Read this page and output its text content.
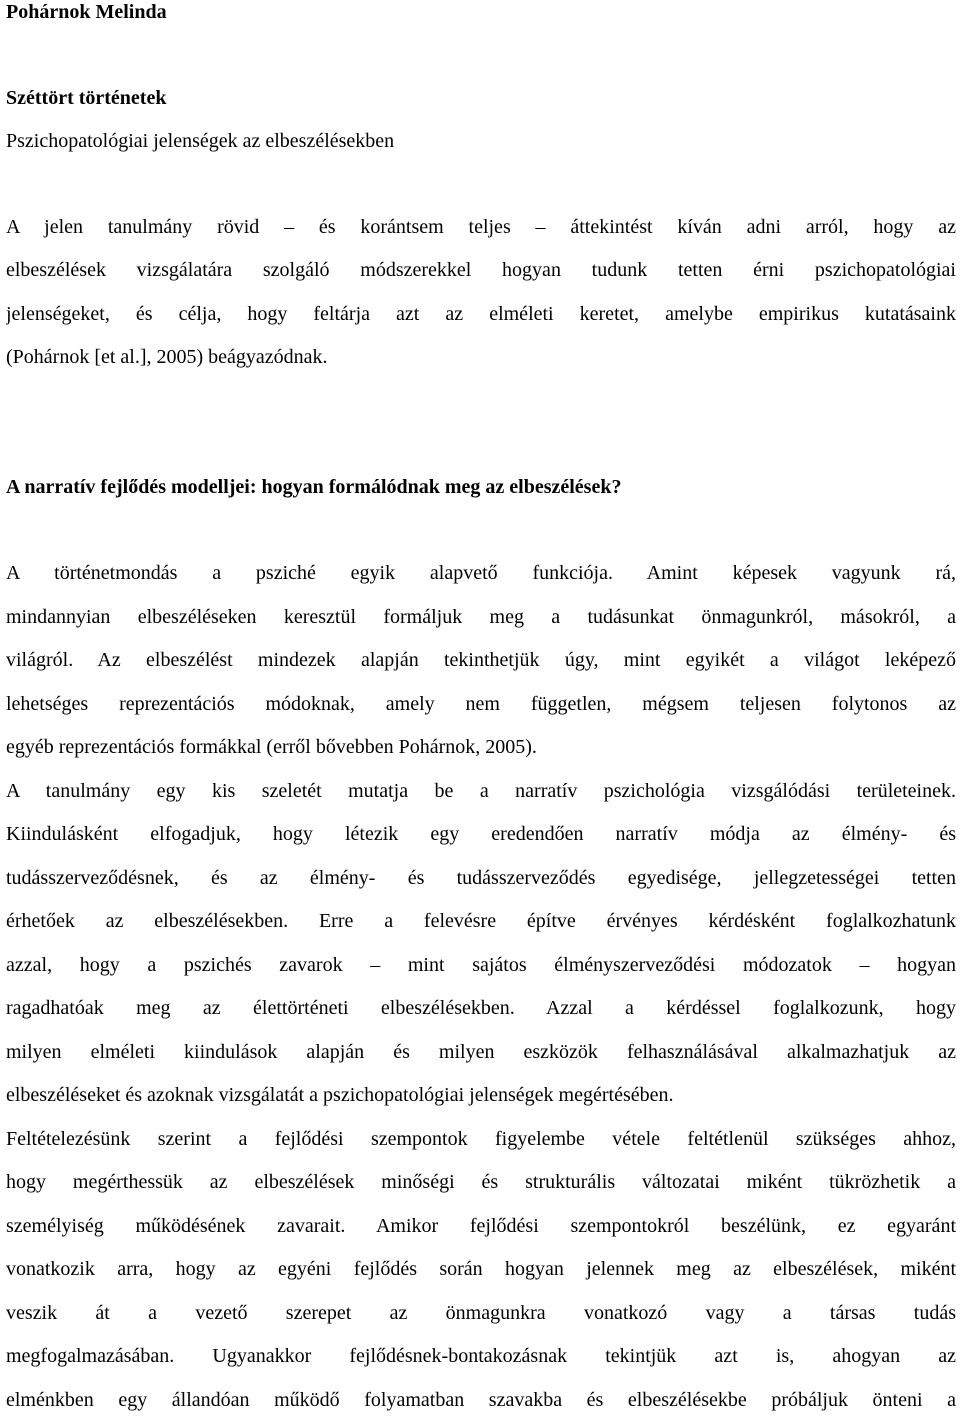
Pohárnok Melinda
Széttört történetek
Pszichopatológiai jelenségek az elbeszélésekben
A jelen tanulmány rövid – és korántsem teljes – áttekintést kíván adni arról, hogy az
elbeszélések vizsgálatára szolgáló módszerekkel hogyan tudunk tetten érni pszichopatológiai
jelenségeket, és célja, hogy feltárja azt az elméleti keretet, amelybe empirikus kutatásaink
(Pohárnok [et al.], 2005) beágyazódnak.
A narratív fejlődés modelljei: hogyan formálódnak meg az elbeszélések?
A történetmondás a psziché egyik alapvető funkciója. Amint képesek vagyunk rá,
mindannyian elbeszéléseken keresztül formáljuk meg a tudásunkat önmagunkról, másokról, a
világról. Az elbeszélést mindezek alapján tekinthetjük úgy, mint egyikét a világot leképező
lehetséges reprezentációs módoknak, amely nem független, mégsem teljesen folytonos az
egyéb reprezentációs formákkal (erről bővebben Pohárnok, 2005).
A tanulmány egy kis szeletét mutatja be a narratív pszichológia vizsgálódási területeinek.
Kiindulásként elfogadjuk, hogy létezik egy eredendően narratív módja az élmény- és
tudásszerveződésnek, és az élmény- és tudásszerveződés egyedisége, jellegzetességei tetten
érhetőek az elbeszélésekben. Erre a felevésre építve érvényes kérdésként foglalkozhatunk
azzal, hogy a pszichés zavarok – mint sajátos élményszerveződési módozatok – hogyan
ragadhatóak meg az élettörténeti elbeszélésekben. Azzal a kérdéssel foglalkozunk, hogy
milyen elméleti kiindulások alapján és milyen eszközök felhasználásával alkalmazhatjuk az
elbeszéléseket és azoknak vizsgálatát a pszichopatológiai jelenségek megértésében.
Feltételezésünk szerint a fejlődési szempontok figyelembe vétele feltétlenül szükséges ahhoz,
hogy megérthessük az elbeszélések minőségi és strukturális változatai miként tükrözhetik a
személyiség működésének zavarait. Amikor fejlődési szempontokról beszélünk, ez egyaránt
vonatkozik arra, hogy az egyéni fejlődés során hogyan jelennek meg az elbeszélések, miként
veszik át a vezető szerepet az önmagunkra vonatkozó vagy a társas tudás
megfogalmazásában. Ugyanakkor fejlődésnek-bontakozásnak tekintjük azt is, ahogyan az
elménkben egy állandóan működő folyamatban szavakba és elbeszélésekbe próbáljuk önteni a
